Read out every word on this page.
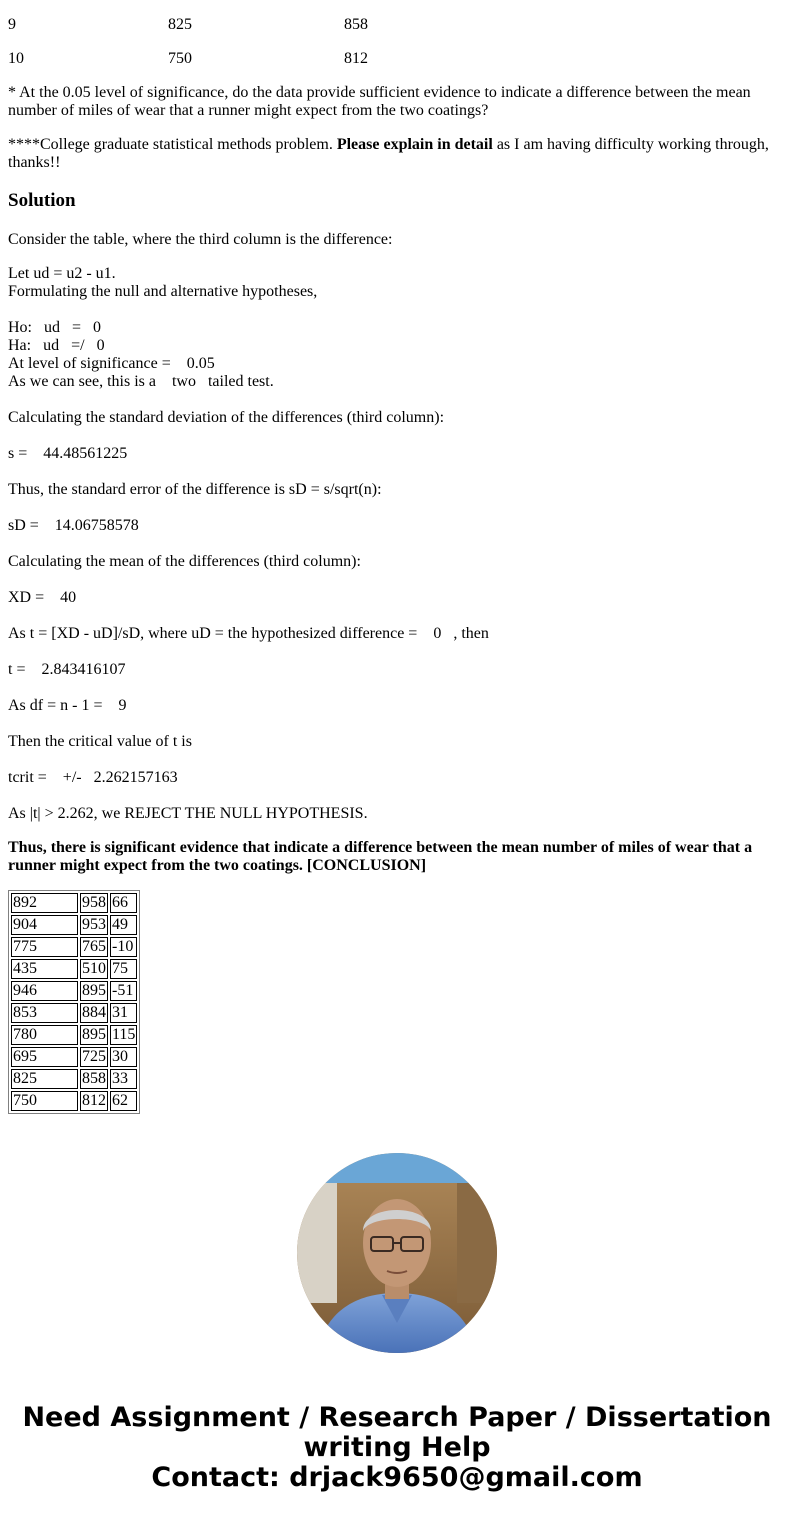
9	825	858
10	750	812
* At the 0.05 level of significance, do the data provide sufficient evidence to indicate a difference between the mean number of miles of wear that a runner might expect from the two coatings?
****College graduate statistical methods problem. Please explain in detail as I am having difficulty working through, thanks!!
Solution
Consider the table, where the third column is the difference:
Let ud = u2 - u1.
Formulating the null and alternative hypotheses,
Ho:   ud   =   0
Ha:   ud   =/   0
At level of significance =    0.05
As we can see, this is a    two   tailed test.
Calculating the standard deviation of the differences (third column):
s =    44.48561225
Thus, the standard error of the difference is sD = s/sqrt(n):
sD =    14.06758578
Calculating the mean of the differences (third column):
XD =    40
As t = [XD - uD]/sD, where uD = the hypothesized difference =    0   , then
t =    2.843416107
As df = n - 1 =    9
Then the critical value of t is
tcrit =    +/-   2.262157163
As |t| > 2.262, we REJECT THE NULL HYPOTHESIS.
Thus, there is significant evidence that indicate a difference between the mean number of miles of wear that a runner might expect from the two coatings. [CONCLUSION]
892	958	66
904	953	49
775	765	-10
435	510	75
946	895	-51
853	884	31
780	895	115
695	725	30
825	858	33
750	812	62
Need Assignment / Research Paper / Dissertation
writing Help
Contact: drjack9650@gmail.com
